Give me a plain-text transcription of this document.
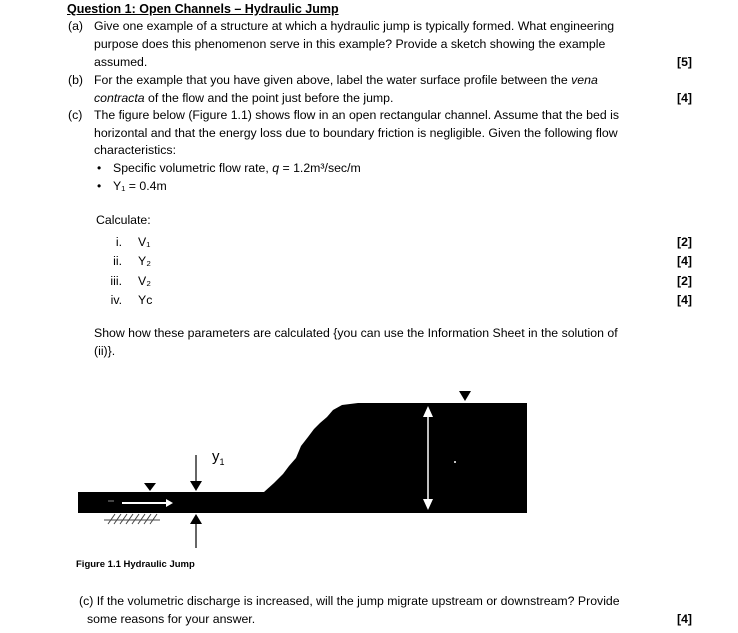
Question 1: Open Channels – Hydraulic Jump
(a) Give one example of a structure at which a hydraulic jump is typically formed. What engineering
purpose does this phenomenon serve in this example? Provide a sketch showing the example
assumed.	[5]
(b) For the example that you have given above, label the water surface profile between the vena
contracta of the flow and the point just before the jump.	[4]
(c) The figure below (Figure 1.1) shows flow in an open rectangular channel. Assume that the bed is
horizontal and that the energy loss due to boundary friction is negligible. Given the following flow
characteristics:
• Specific volumetric flow rate, q = 1.2m³/sec/m
• Y₁ = 0.4m
Calculate:
i. V₁	[2]
ii. Y₂	[4]
iii. V₂	[2]
iv. Yc	[4]
Show how these parameters are calculated {you can use the Information Sheet in the solution of
(ii)}.
$y_1$
Figure 1.1 Hydraulic Jump
(c) If the volumetric discharge is increased, will the jump migrate upstream or downstream? Provide
some reasons for your answer.	[4]
